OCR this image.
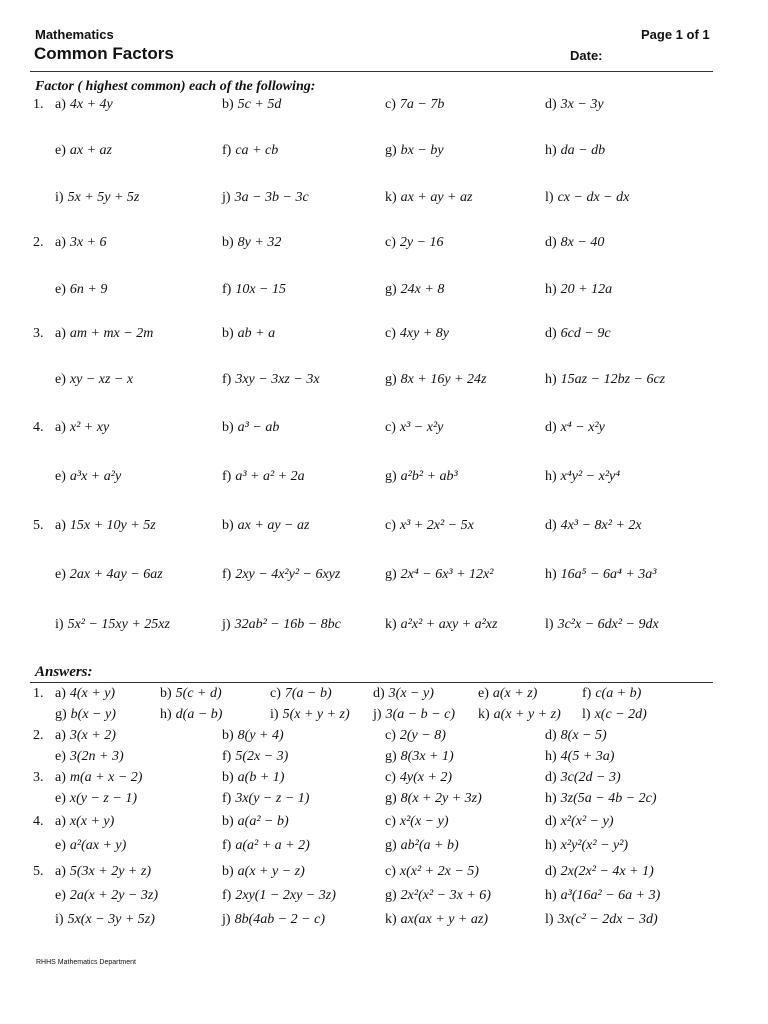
Mathematics
Common Factors
Page 1 of 1
Date:
Factor ( highest common) each of the following:
1. a) 4x + 4y	b) 5c + 5d	c) 7a − 7b	d) 3x − 3y
e) ax + az	f) ca + cb	g) bx − by	h) da − db
i) 5x + 5y + 5z	j) 3a − 3b − 3c	k) ax + ay + az	l) cx − dx − dx
2. a) 3x + 6	b) 8y + 32	c) 2y − 16	d) 8x − 40
e) 6n + 9	f) 10x − 15	g) 24x + 8	h) 20 + 12a
3. a) am + mx − 2m	b) ab + a	c) 4xy + 8y	d) 6cd − 9c
e) xy − xz − x	f) 3xy − 3xz − 3x	g) 8x + 16y + 24z	h) 15az − 12bz − 6cz
4. a) x² + xy	b) a³ − ab	c) x³ − x²y	d) x⁴ − x²y
e) a³x + a²y	f) a³ + a² + 2a	g) a²b² + ab³	h) x⁴y² − x²y⁴
5. a) 15x + 10y + 5z	b) ax + ay − az	c) x³ + 2x² − 5x	d) 4x³ − 8x² + 2x
e) 2ax + 4ay − 6az	f) 2xy − 4x²y² − 6xyz	g) 2x⁴ − 6x³ + 12x²	h) 16a⁵ − 6a⁴ + 3a³
i) 5x² − 15xy + 25xz	j) 32ab² − 16b − 8bc	k) a²x² + axy + a²xz	l) 3c²x − 6dx² − 9dx
Answers:
1. a) 4(x + y)	b) 5(c + d)	c) 7(a − b)	d) 3(x − y)	e) a(x + z)	f) c(a + b)
g) b(x − y)	h) d(a − b)	i) 5(x + y + z) j) 3(a − b − c) k) a(x + y + z) l) x(c − 2d)
2. a) 3(x + 2)	b) 8(y + 4)	c) 2(y − 8)	d) 8(x − 5)
e) 3(2n + 3)	f) 5(2x − 3)	g) 8(3x + 1)	h) 4(5 + 3a)
3. a) m(a + x − 2)	b) a(b + 1)	c) 4y(x + 2)	d) 3c(2d − 3)
e) x(y − z − 1)	f) 3x(y − z − 1)	g) 8(x + 2y + 3z)	h) 3z(5a − 4b − 2c)
4. a) x(x + y)	b) a(a² − b)	c) x²(x − y)	d) x²(x² − y)
e) a²(ax + y)	f) a(a² + a + 2)	g) ab²(a + b)	h) x²y²(x² − y²)
5. a) 5(3x + 2y + z)	b) a(x + y − z)	c) x(x² + 2x − 5)	d) 2x(2x² − 4x + 1)
e) 2a(x + 2y − 3z)	f) 2xy(1 − 2xy − 3z)	g) 2x²(x² − 3x + 6)	h) a³(16a² − 6a + 3)
i) 5x(x − 3y + 5z)	j) 8b(4ab − 2 − c)	k) ax(ax + y + az)	l) 3x(c² − 2dx − 3d)
RHHS Mathematics Department
